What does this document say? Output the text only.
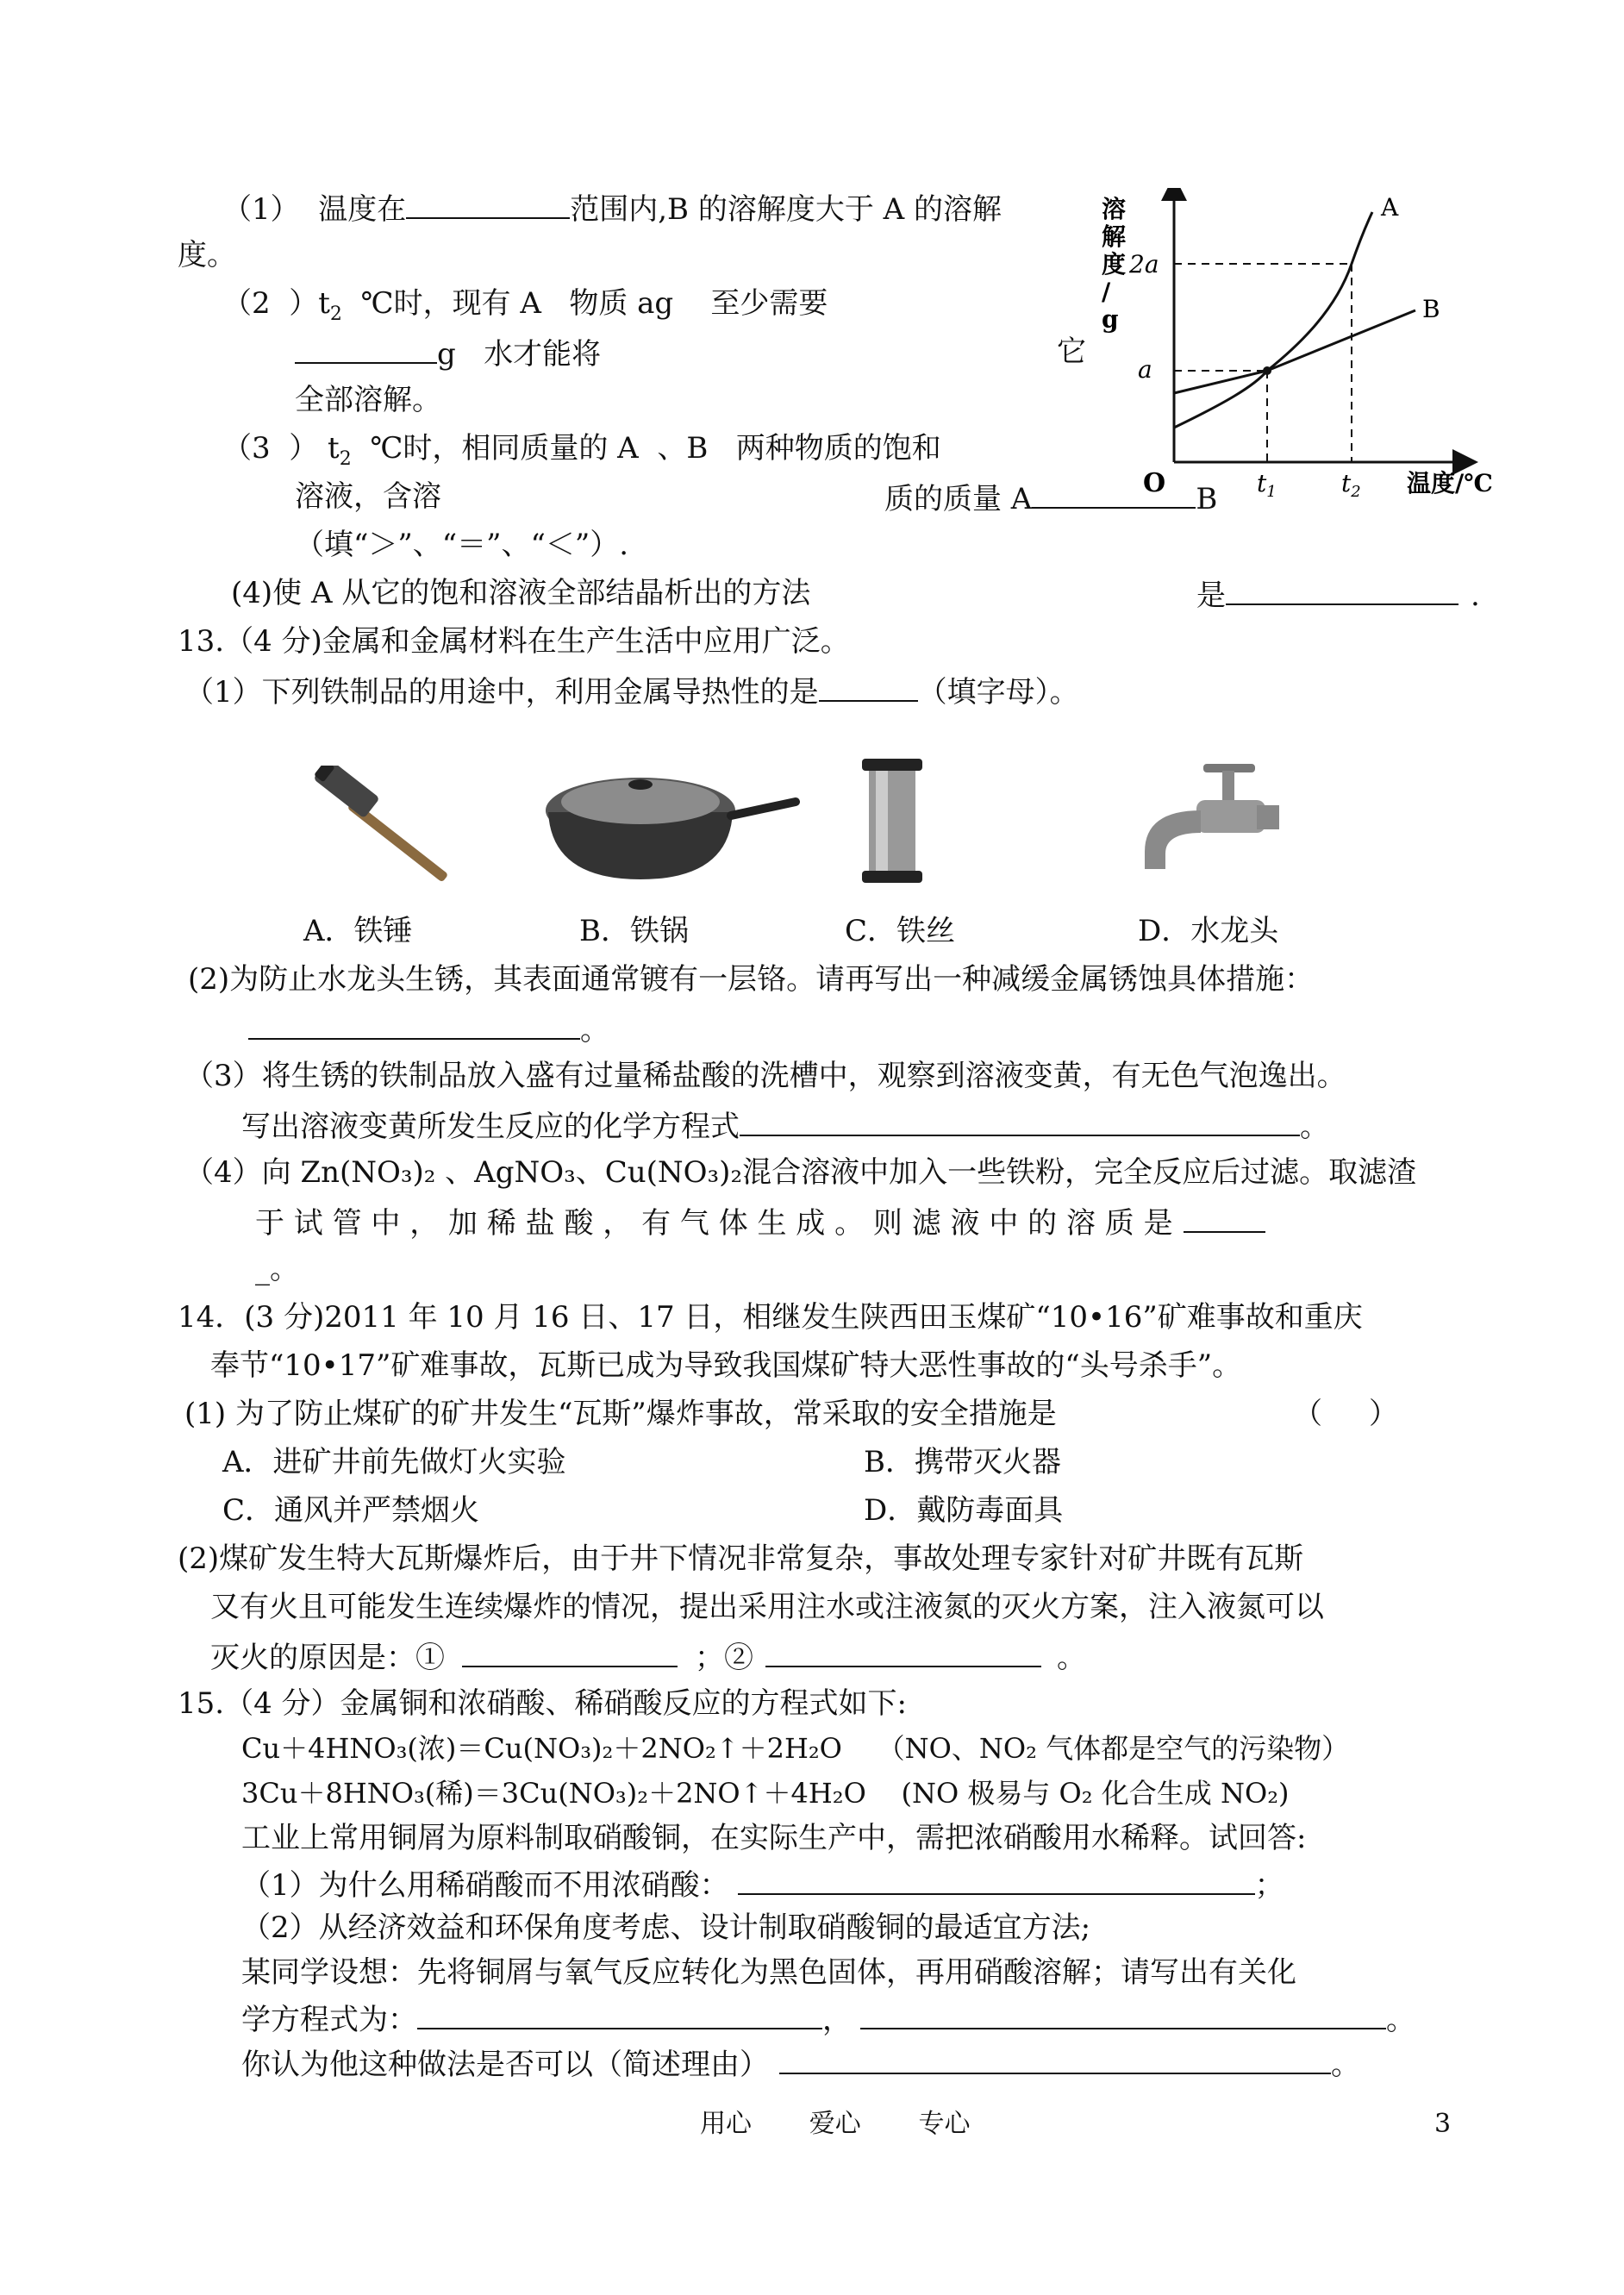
（1）  温度在	范围内,B 的溶解度大于 A 的溶解
度。
（2  ）$t_2$  ℃时，现有 A   物质 ag    至少需要
g   水才能将	它
全部溶解。
（3  ） $t_2$  ℃时，相同质量的 A  、B   两种物质的饱和
溶液，含溶	质的质量 A	B
（填“＞”、“＝”、“＜”）.
(4)使 A 从它的饱和溶液全部结晶析出的方法	是	.
溶
解
度
/
g
2a
a
O	$t_1$	$t_2$
A
B
温度/℃
13.（4 分)金属和金属材料在生产生活中应用广泛。
（1）下列铁制品的用途中，利用金属导热性的是	（填字母）。
A．铁锤	B．铁锅	C．铁丝	D．水龙头
(2)为防止水龙头生锈，其表面通常镀有一层铬。请再写出一种减缓金属锈蚀具体措施：
。
（3）将生锈的铁制品放入盛有过量稀盐酸的洗槽中，观察到溶液变黄，有无色气泡逸出。
写出溶液变黄所发生反应的化学方程式	。
（4）向 Zn(NO₃)₂ 、AgNO₃、Cu(NO₃)₂混合溶液中加入一些铁粉，完全反应后过滤。取滤渣
于 试 管 中 ， 加 稀 盐 酸 ， 有 气 体 生 成 。 则 滤 液 中 的 溶 质 是
_。
14．(3 分)2011 年 10 月 16 日、17 日，相继发生陕西田玉煤矿“10•16”矿难事故和重庆
奉节“10•17”矿难事故，瓦斯已成为导致我国煤矿特大恶性事故的“头号杀手”。
(1) 为了防止煤矿的矿井发生“瓦斯”爆炸事故，常采取的安全措施是	（     ）
A．进矿井前先做灯火实验	B．携带灭火器
C．通风并严禁烟火	D．戴防毒面具
(2)煤矿发生特大瓦斯爆炸后，由于井下情况非常复杂，事故处理专家针对矿井既有瓦斯
又有火且可能发生连续爆炸的情况，提出采用注水或注液氮的灭火方案，注入液氮可以
灭火的原因是：①	；②	。
15.（4 分）金属铜和浓硝酸、稀硝酸反应的方程式如下:
Cu＋4HNO₃(浓)＝Cu(NO₃)₂＋2NO₂↑＋2H₂O    （NO、NO₂ 气体都是空气的污染物）
3Cu＋8HNO₃(稀)＝3Cu(NO₃)₂＋2NO↑＋4H₂O    (NO 极易与 O₂ 化合生成 NO₂)
工业上常用铜屑为原料制取硝酸铜，在实际生产中，需把浓硝酸用水稀释。试回答:
（1）为什么用稀硝酸而不用浓硝酸：	；
（2）从经济效益和环保角度考虑、设计制取硝酸铜的最适宜方法;
某同学设想：先将铜屑与氧气反应转化为黑色固体，再用硝酸溶解；请写出有关化
学方程式为：	，	。
你认为他这种做法是否可以（简述理由）	。
用心       爱心       专心	3
